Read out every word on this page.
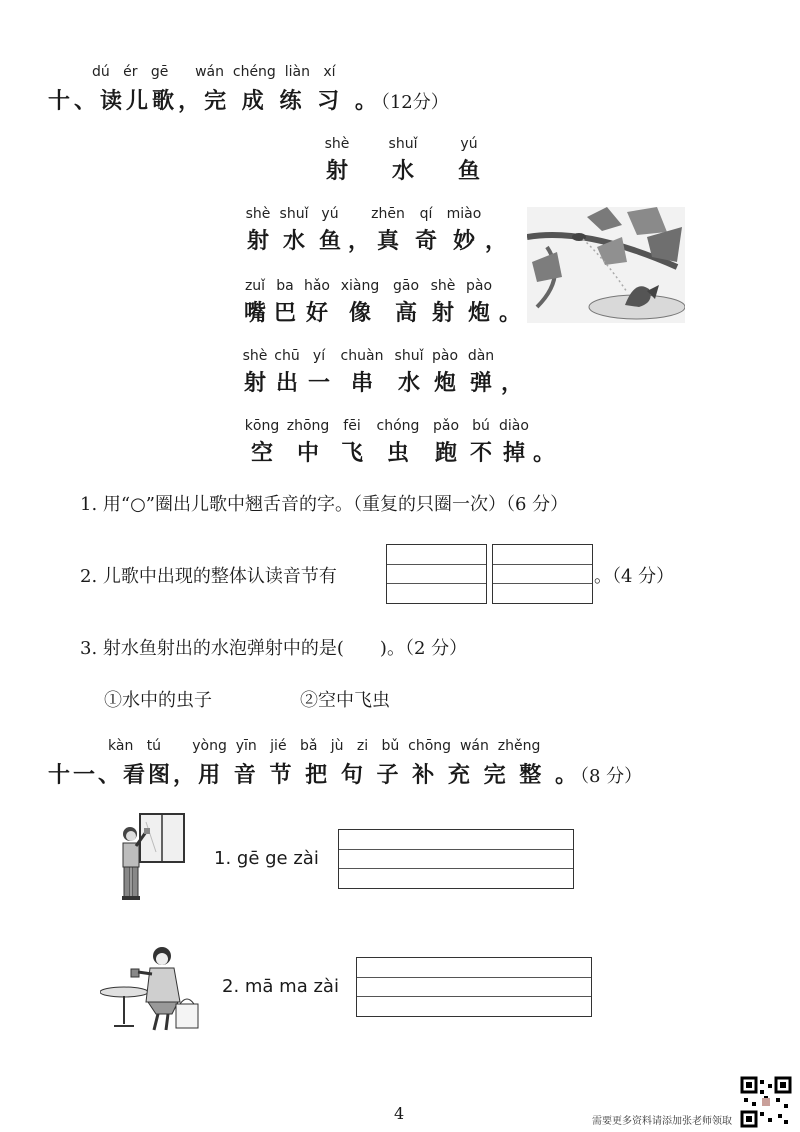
dú ér gē wán chéng liàn xí
十、读儿歌，完 成 练 习 。（12分）
shè	shuǐ	yú
射 水 鱼
shè shuǐ yú zhēn qí miào
射 水 鱼 ， 真 奇 妙 ，
zuǐ ba hǎo xiàng gāo shè pào
嘴 巴 好 像 高 射 炮 。
shè chū yí chuàn shuǐ pào dàn
射 出 一 串 水 炮 弹 ，
kōng zhōng fēi chóng pǎo bú diào
空 中 飞 虫 跑 不 掉 。
1. 用“○”圈出儿歌中翘舌音的字。（重复的只圈一次）（6 分）
2. 儿歌中出现的整体认读音节有	。（4 分）
3. 射水鱼射出的水泡弹射中的是(　　)。（2 分）
①水中的虫子	②空中飞虫
kàn tú yòng yīn jié bǎ jù zi bǔ chōng wán zhěng
十一、看图，用 音 节 把 句 子 补 充 完 整 。（8 分）
1. gē ge zài
2. mā ma zài
4	需要更多资料请添加张老师领取
